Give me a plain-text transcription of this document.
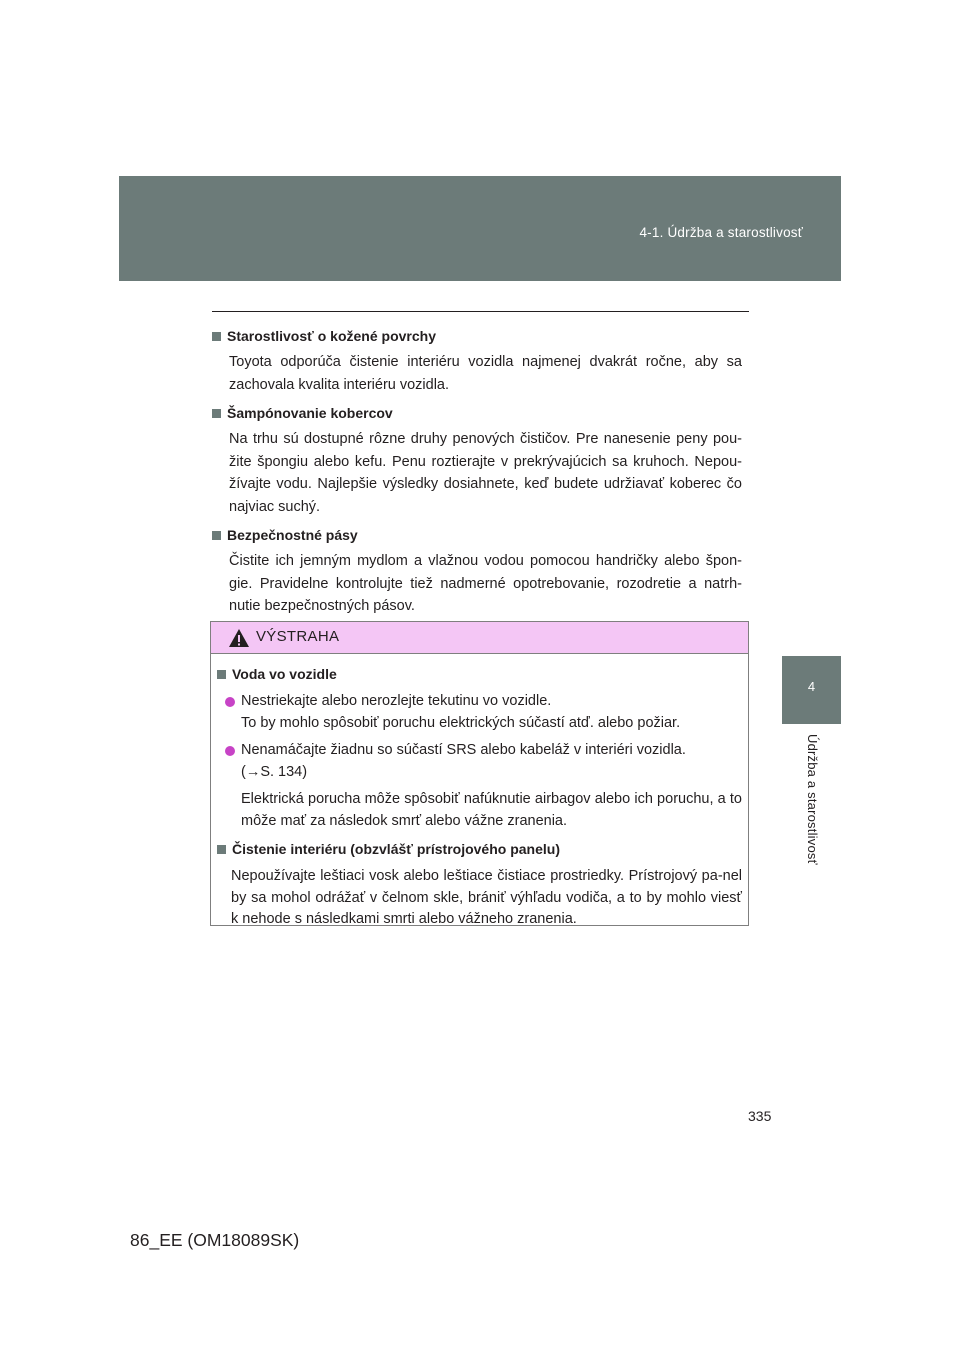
4-1. Údržba a starostlivosť
4
Údržba a starostlivosť
Starostlivosť o kožené povrchy
Toyota odporúča čistenie interiéru vozidla najmenej dvakrát ročne, aby sa zachovala kvalita interiéru vozidla.
Šampónovanie kobercov
Na trhu sú dostupné rôzne druhy penových čističov. Pre nanesenie peny pou-žite špongiu alebo kefu. Penu roztierajte v prekrývajúcich sa kruhoch. Nepou-žívajte vodu. Najlepšie výsledky dosiahnete, keď budete udržiavať koberec čo najviac suchý.
Bezpečnostné pásy
Čistite ich jemným mydlom a vlažnou vodou pomocou handričky alebo špon-gie. Pravidelne kontrolujte tiež nadmerné opotrebovanie, rozodretie a natrh-nutie bezpečnostných pásov.
VÝSTRAHA
Voda vo vozidle
Nestriekajte alebo nerozlejte tekutinu vo vozidle.
To by mohlo spôsobiť poruchu elektrických súčastí atď. alebo požiar.
Nenamáčajte žiadnu so súčastí SRS alebo kabeláž v interiéri vozidla.
(→S. 134)
Elektrická porucha môže spôsobiť nafúknutie airbagov alebo ich poruchu, a to môže mať za následok smrť alebo vážne zranenia.
Čistenie interiéru (obzvlášť prístrojového panelu)
Nepoužívajte leštiaci vosk alebo leštiace čistiace prostriedky. Prístrojový pa-nel by sa mohol odrážať v čelnom skle, brániť výhľadu vodiča, a to by mohlo viesť k nehode s následkami smrti alebo vážneho zranenia.
335
86_EE (OM18089SK)
